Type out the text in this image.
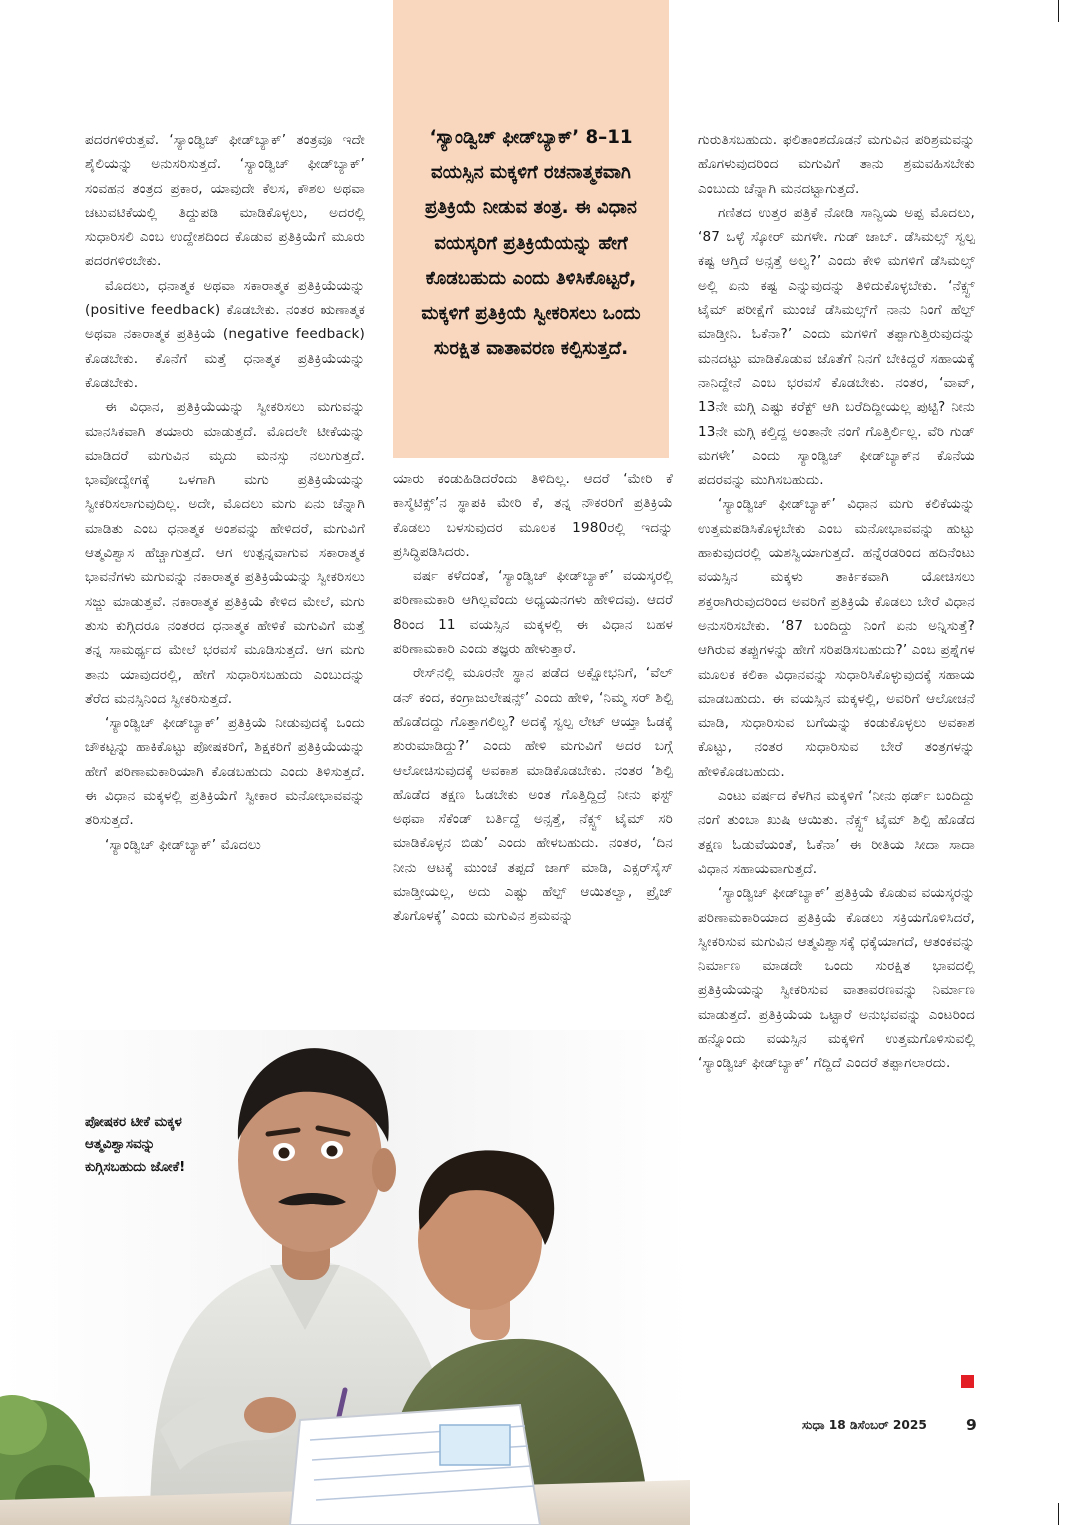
‘ಸ್ಯಾಂಡ್ವಿಚ್ ಫೀಡ್‌ಬ್ಯಾಕ್’ 8–11 ವಯಸ್ಸಿನ ಮಕ್ಕಳಿಗೆ ರಚನಾತ್ಮಕವಾಗಿ ಪ್ರತಿಕ್ರಿಯೆ ನೀಡುವ ತಂತ್ರ. ಈ ವಿಧಾನ ವಯಸ್ಕರಿಗೆ ಪ್ರತಿಕ್ರಿಯೆಯನ್ನು ಹೇಗೆ ಕೊಡಬಹುದು ಎಂದು ತಿಳಿಸಿಕೊಟ್ಟರೆ, ಮಕ್ಕಳಿಗೆ ಪ್ರತಿಕ್ರಿಯೆ ಸ್ವೀಕರಿಸಲು ಒಂದು ಸುರಕ್ಷಿತ ವಾತಾವರಣ ಕಲ್ಪಿಸುತ್ತದೆ.

ಪದರಗಳಿರುತ್ತವೆ. ‘ಸ್ಯಾಂಡ್ವಿಚ್ ಫೀಡ್‌ಬ್ಯಾಕ್’ ತಂತ್ರವೂ ಇದೇ ಶೈಲಿಯನ್ನು ಅನುಸರಿಸುತ್ತದೆ. ‘ಸ್ಯಾಂಡ್ವಿಚ್ ಫೀಡ್‌ಬ್ಯಾಕ್’ ಸಂವಹನ ತಂತ್ರದ ಪ್ರಕಾರ, ಯಾವುದೇ ಕೆಲಸ, ಕೌಶಲ ಅಥವಾ ಚಟುವಟಿಕೆಯಲ್ಲಿ ತಿದ್ದುಪಡಿ ಮಾಡಿಕೊಳ್ಳಲು, ಅದರಲ್ಲಿ ಸುಧಾರಿಸಲಿ ಎಂಬ ಉದ್ದೇಶದಿಂದ ಕೊಡುವ ಪ್ರತಿಕ್ರಿಯೆಗೆ ಮೂರು ಪದರಗಳಿರಬೇಕು.

ಮೊದಲು, ಧನಾತ್ಮಕ ಅಥವಾ ಸಕಾರಾತ್ಮಕ ಪ್ರತಿಕ್ರಿಯೆಯನ್ನು (positive feedback) ಕೊಡಬೇಕು. ನಂತರ ಋಣಾತ್ಮಕ ಅಥವಾ ನಕಾರಾತ್ಮಕ ಪ್ರತಿಕ್ರಿಯೆ (negative feedback) ಕೊಡಬೇಕು. ಕೊನೆಗೆ ಮತ್ತೆ ಧನಾತ್ಮಕ ಪ್ರತಿಕ್ರಿಯೆಯನ್ನು ಕೊಡಬೇಕು.

ಈ ವಿಧಾನ, ಪ್ರತಿಕ್ರಿಯೆಯನ್ನು ಸ್ವೀಕರಿಸಲು ಮಗುವನ್ನು ಮಾನಸಿಕವಾಗಿ ತಯಾರು ಮಾಡುತ್ತದೆ. ಮೊದಲೇ ಟೀಕೆಯನ್ನು ಮಾಡಿದರೆ ಮಗುವಿನ ಮೃದು ಮನಸ್ಸು ನಲುಗುತ್ತದೆ. ಭಾವೋದ್ವೇಗಕ್ಕೆ ಒಳಗಾಗಿ ಮಗು ಪ್ರತಿಕ್ರಿಯೆಯನ್ನು ಸ್ವೀಕರಿಸಲಾಗುವುದಿಲ್ಲ. ಅದೇ, ಮೊದಲು ಮಗು ಏನು ಚೆನ್ನಾಗಿ ಮಾಡಿತು ಎಂಬ ಧನಾತ್ಮಕ ಅಂಶವನ್ನು ಹೇಳಿದರೆ, ಮಗುವಿಗೆ ಆತ್ಮವಿಶ್ವಾಸ ಹೆಚ್ಚಾಗುತ್ತದೆ. ಆಗ ಉತ್ಪನ್ನವಾಗುವ ಸಕಾರಾತ್ಮಕ ಭಾವನೆಗಳು ಮಗುವನ್ನು ನಕಾರಾತ್ಮಕ ಪ್ರತಿಕ್ರಿಯೆಯನ್ನು ಸ್ವೀಕರಿಸಲು ಸಜ್ಜು ಮಾಡುತ್ತವೆ. ನಕಾರಾತ್ಮಕ ಪ್ರತಿಕ್ರಿಯೆ ಕೇಳಿದ ಮೇಲೆ, ಮಗು ತುಸು ಕುಗ್ಗಿದರೂ ನಂತರದ ಧನಾತ್ಮಕ ಹೇಳಿಕೆ ಮಗುವಿಗೆ ಮತ್ತೆ ತನ್ನ ಸಾಮರ್ಥ್ಯದ ಮೇಲೆ ಭರವಸೆ ಮೂಡಿಸುತ್ತದೆ. ಆಗ ಮಗು ತಾನು ಯಾವುದರಲ್ಲಿ, ಹೇಗೆ ಸುಧಾರಿಸಬಹುದು ಎಂಬುದನ್ನು ತೆರೆದ ಮನಸ್ಸಿನಿಂದ ಸ್ವೀಕರಿಸುತ್ತದೆ.

‘ಸ್ಯಾಂಡ್ವಿಚ್ ಫೀಡ್‌ಬ್ಯಾಕ್’ ಪ್ರತಿಕ್ರಿಯೆ ನೀಡುವುದಕ್ಕೆ ಒಂದು ಚೌಕಟ್ಟನ್ನು ಹಾಕಿಕೊಟ್ಟು ಪೋಷಕರಿಗೆ, ಶಿಕ್ಷಕರಿಗೆ ಪ್ರತಿಕ್ರಿಯೆಯನ್ನು ಹೇಗೆ ಪರಿಣಾಮಕಾರಿಯಾಗಿ ಕೊಡಬಹುದು ಎಂದು ತಿಳಿಸುತ್ತದೆ. ಈ ವಿಧಾನ ಮಕ್ಕಳಲ್ಲಿ ಪ್ರತಿಕ್ರಿಯೆಗೆ ಸ್ವೀಕಾರ ಮನೋಭಾವವನ್ನು ತರಿಸುತ್ತದೆ.

‘ಸ್ಯಾಂಡ್ವಿಚ್ ಫೀಡ್‌ಬ್ಯಾಕ್’ ಮೊದಲು

ಯಾರು ಕಂಡುಹಿಡಿದರೆಂದು ತಿಳಿದಿಲ್ಲ. ಆದರೆ ‘ಮೇರಿ ಕೆ ಕಾಸ್ಮೆಟಿಕ್ಸ್’ನ ಸ್ಥಾಪಕಿ ಮೇರಿ ಕೆ, ತನ್ನ ನೌಕರರಿಗೆ ಪ್ರತಿಕ್ರಿಯೆ ಕೊಡಲು ಬಳಸುವುದರ ಮೂಲಕ 1980ರಲ್ಲಿ ಇದನ್ನು ಪ್ರಸಿದ್ಧಿಪಡಿಸಿದರು.

ವರ್ಷ ಕಳೆದಂತೆ, ‘ಸ್ಯಾಂಡ್ವಿಚ್ ಫೀಡ್‌ಬ್ಯಾಕ್’ ವಯಸ್ಕರಲ್ಲಿ ಪರಿಣಾಮಕಾರಿ ಆಗಿಲ್ಲವೆಂದು ಅಧ್ಯಯನಗಳು ಹೇಳಿದವು. ಆದರೆ 8ರಿಂದ 11 ವಯಸ್ಸಿನ ಮಕ್ಕಳಲ್ಲಿ ಈ ವಿಧಾನ ಬಹಳ ಪರಿಣಾಮಕಾರಿ ಎಂದು ತಜ್ಞರು ಹೇಳುತ್ತಾರೆ.

ರೇಸ್‌ನಲ್ಲಿ ಮೂರನೇ ಸ್ಥಾನ ಪಡೆದ ಅಕ್ಷೋಭನಿಗೆ, ‘ವೆಲ್ ಡನ್ ಕಂದ, ಕಂಗ್ರಾಜುಲೇಷನ್ಸ್’ ಎಂದು ಹೇಳಿ, ‘ನಿಮ್ಮ ಸರ್ ಶಿಲ್ಪಿ ಹೊಡೆದದ್ದು ಗೊತ್ತಾಗಲಿಲ್ವ? ಅದಕ್ಕೆ ಸ್ವಲ್ಪ ಲೇಟ್ ಆಯ್ತಾ ಓಡಕ್ಕೆ ಶುರುಮಾಡಿದ್ದು?’ ಎಂದು ಹೇಳಿ ಮಗುವಿಗೆ ಅದರ ಬಗ್ಗೆ ಆಲೋಚಿಸುವುದಕ್ಕೆ ಅವಕಾಶ ಮಾಡಿಕೊಡಬೇಕು. ನಂತರ ‘ಶಿಲ್ಪಿ ಹೊಡೆದ ತಕ್ಷಣ ಓಡಬೇಕು ಅಂತ ಗೊತ್ತಿದ್ದಿದ್ರೆ ನೀನು ಫಸ್ಟ್ ಅಥವಾ ಸೆಕೆಂಡ್ ಬರ್ತಿದ್ದೆ ಅನ್ಸತ್ತೆ, ನೆಕ್ಸ್ಟ್ ಟೈಮ್ ಸರಿ ಮಾಡಿಕೊಳ್ಳನ ಬಿಡು’ ಎಂದು ಹೇಳಬಹುದು. ನಂತರ, ‘ದಿನ ನೀನು ಆಟಕ್ಕೆ ಮುಂಚೆ ತಪ್ಪದೆ ಜಾಗ್ ಮಾಡಿ, ಎಕ್ಸರ್‌ಸೈಸ್ ಮಾಡ್ತೀಯಲ್ಲ, ಅದು ಎಷ್ಟು ಹೆಲ್ಪ್ ಆಯಿತಲ್ವಾ, ಪ್ರೈಜ್ ತೊಗೊಳಕ್ಕೆ’ ಎಂದು ಮಗುವಿನ ಶ್ರಮವನ್ನು

ಗುರುತಿಸಬಹುದು. ಫಲಿತಾಂಶದೊಡನೆ ಮಗುವಿನ ಪರಿಶ್ರಮವನ್ನು ಹೊಗಳುವುದರಿಂದ ಮಗುವಿಗೆ ತಾನು ಶ್ರಮವಹಿಸಬೇಕು ಎಂಬುದು ಚೆನ್ನಾಗಿ ಮನದಟ್ಟಾಗುತ್ತದೆ.

ಗಣಿತದ ಉತ್ತರ ಪತ್ರಿಕೆ ನೋಡಿ ಸಾನ್ವಿಯ ಅಪ್ಪ ಮೊದಲು, ‘87 ಒಳ್ಳೆ ಸ್ಕೋರ್ ಮಗಳೇ. ಗುಡ್ ಜಾಬ್. ಡೆಸಿಮಲ್ಸ್ ಸ್ವಲ್ಪ ಕಷ್ಟ ಆಗ್ತಿದೆ ಅನ್ಸತ್ತೆ ಅಲ್ವ?’ ಎಂದು ಕೇಳಿ ಮಗಳಿಗೆ ಡೆಸಿಮಲ್ಸ್ ಅಲ್ಲಿ ಏನು ಕಷ್ಟ ಎನ್ನುವುದನ್ನು ತಿಳಿದುಕೊಳ್ಳಬೇಕು. ‘ನೆಕ್ಸ್ಟ್ ಟೈಮ್ ಪರೀಕ್ಷೆಗೆ ಮುಂಚೆ ಡೆಸಿಮಲ್ಸ್‌ಗೆ ನಾನು ನಿಂಗೆ ಹೆಲ್ಪ್ ಮಾಡ್ತೀನಿ. ಓಕೆನಾ?’ ಎಂದು ಮಗಳಿಗೆ ತಪ್ಪಾಗುತ್ತಿರುವುದನ್ನು ಮನದಟ್ಟು ಮಾಡಿಕೊಡುವ ಜೊತೆಗೆ ನಿನಗೆ ಬೇಕಿದ್ದರೆ ಸಹಾಯಕ್ಕೆ ನಾನಿದ್ದೇನೆ ಎಂಬ ಭರವಸೆ ಕೊಡಬೇಕು. ನಂತರ, ‘ವಾವ್, 13ನೇ ಮಗ್ಗಿ ಎಷ್ಟು ಕರೆಕ್ಟ್ ಆಗಿ ಬರೆದಿದ್ದೀಯಲ್ಲ ಪುಟ್ಟಿ? ನೀನು 13ನೇ ಮಗ್ಗಿ ಕಲ್ತಿದ್ದ ಅಂತಾನೇ ನಂಗೆ ಗೊತ್ತಿರ್ಲಿಲ್ಲ. ವೆರಿ ಗುಡ್ ಮಗಳೇ’ ಎಂದು ಸ್ಯಾಂಡ್ವಿಚ್ ಫೀಡ್‌ಬ್ಯಾಕ್‌ನ ಕೊನೆಯ ಪದರವನ್ನು ಮುಗಿಸಬಹುದು.

‘ಸ್ಯಾಂಡ್ವಿಚ್ ಫೀಡ್‌ಬ್ಯಾಕ್’ ವಿಧಾನ ಮಗು ಕಲಿಕೆಯನ್ನು ಉತ್ತಮಪಡಿಸಿಕೊಳ್ಳಬೇಕು ಎಂಬ ಮನೋಭಾವವನ್ನು ಹುಟ್ಟು ಹಾಕುವುದರಲ್ಲಿ ಯಶಸ್ವಿಯಾಗುತ್ತದೆ. ಹನ್ನೆರಡರಿಂದ ಹದಿನೆಂಟು ವಯಸ್ಸಿನ ಮಕ್ಕಳು ತಾರ್ಕಿಕವಾಗಿ ಯೋಚಿಸಲು ಶಕ್ತರಾಗಿರುವುದರಿಂದ ಅವರಿಗೆ ಪ್ರತಿಕ್ರಿಯೆ ಕೊಡಲು ಬೇರೆ ವಿಧಾನ ಅನುಸರಿಸಬೇಕು. ‘87 ಬಂದಿದ್ದು ನಿಂಗೆ ಏನು ಅನ್ನಿಸುತ್ತೆ? ಆಗಿರುವ ತಪ್ಪುಗಳನ್ನು ಹೇಗೆ ಸರಿಪಡಿಸಬಹುದು?’ ಎಂಬ ಪ್ರಶ್ನೆಗಳ ಮೂಲಕ ಕಲಿಕಾ ವಿಧಾನವನ್ನು ಸುಧಾರಿಸಿಕೊಳ್ಳುವುದಕ್ಕೆ ಸಹಾಯ ಮಾಡಬಹುದು. ಈ ವಯಸ್ಸಿನ ಮಕ್ಕಳಲ್ಲಿ, ಅವರಿಗೆ ಆಲೋಚನೆ ಮಾಡಿ, ಸುಧಾರಿಸುವ ಬಗೆಯನ್ನು ಕಂಡುಕೊಳ್ಳಲು ಅವಕಾಶ ಕೊಟ್ಟು, ನಂತರ ಸುಧಾರಿಸುವ ಬೇರೆ ತಂತ್ರಗಳನ್ನು ಹೇಳಿಕೊಡಬಹುದು.

ಎಂಟು ವರ್ಷದ ಕೆಳಗಿನ ಮಕ್ಕಳಿಗೆ ‘ನೀನು ಥರ್ಡ್ ಬಂದಿದ್ದು ನಂಗೆ ತುಂಬಾ ಖುಷಿ ಆಯಿತು. ನೆಕ್ಸ್ಟ್ ಟೈಮ್ ಶಿಲ್ಪಿ ಹೊಡೆದ ತಕ್ಷಣ ಓಡುವೆಯಂತೆ, ಓಕೆನಾ’ ಈ ರೀತಿಯ ಸೀದಾ ಸಾದಾ ವಿಧಾನ ಸಹಾಯವಾಗುತ್ತದೆ.

‘ಸ್ಯಾಂಡ್ವಿಚ್ ಫೀಡ್‌ಬ್ಯಾಕ್’ ಪ್ರತಿಕ್ರಿಯೆ ಕೊಡುವ ವಯಸ್ಕರನ್ನು ಪರಿಣಾಮಕಾರಿಯಾದ ಪ್ರತಿಕ್ರಿಯೆ ಕೊಡಲು ಸಕ್ರಿಯಗೊಳಿಸಿದರೆ, ಸ್ವೀಕರಿಸುವ ಮಗುವಿನ ಆತ್ಮವಿಶ್ವಾಸಕ್ಕೆ ಧಕ್ಕೆಯಾಗದೆ, ಆತಂಕವನ್ನು ನಿರ್ಮಾಣ ಮಾಡದೇ ಒಂದು ಸುರಕ್ಷಿತ ಭಾವದಲ್ಲಿ ಪ್ರತಿಕ್ರಿಯೆಯನ್ನು ಸ್ವೀಕರಿಸುವ ವಾತಾವರಣವನ್ನು ನಿರ್ಮಾಣ ಮಾಡುತ್ತದೆ. ಪ್ರತಿಕ್ರಿಯೆಯ ಒಟ್ಟಾರೆ ಅನುಭವವನ್ನು ಎಂಟರಿಂದ ಹನ್ನೊಂದು ವಯಸ್ಸಿನ ಮಕ್ಕಳಿಗೆ ಉತ್ತಮಗೊಳಿಸುವಲ್ಲಿ ‘ಸ್ಯಾಂಡ್ವಿಚ್ ಫೀಡ್‌ಬ್ಯಾಕ್’ ಗೆದ್ದಿದೆ ಎಂದರೆ ತಪ್ಪಾಗಲಾರದು.

ಪೋಷಕರ ಟೀಕೆ ಮಕ್ಕಳ ಆತ್ಮವಿಶ್ವಾಸವನ್ನು ಕುಗ್ಗಿಸಬಹುದು ಜೋಕೆ!
ಸುಧಾ 18 ಡಿಸೆಂಬರ್ 2025	9
